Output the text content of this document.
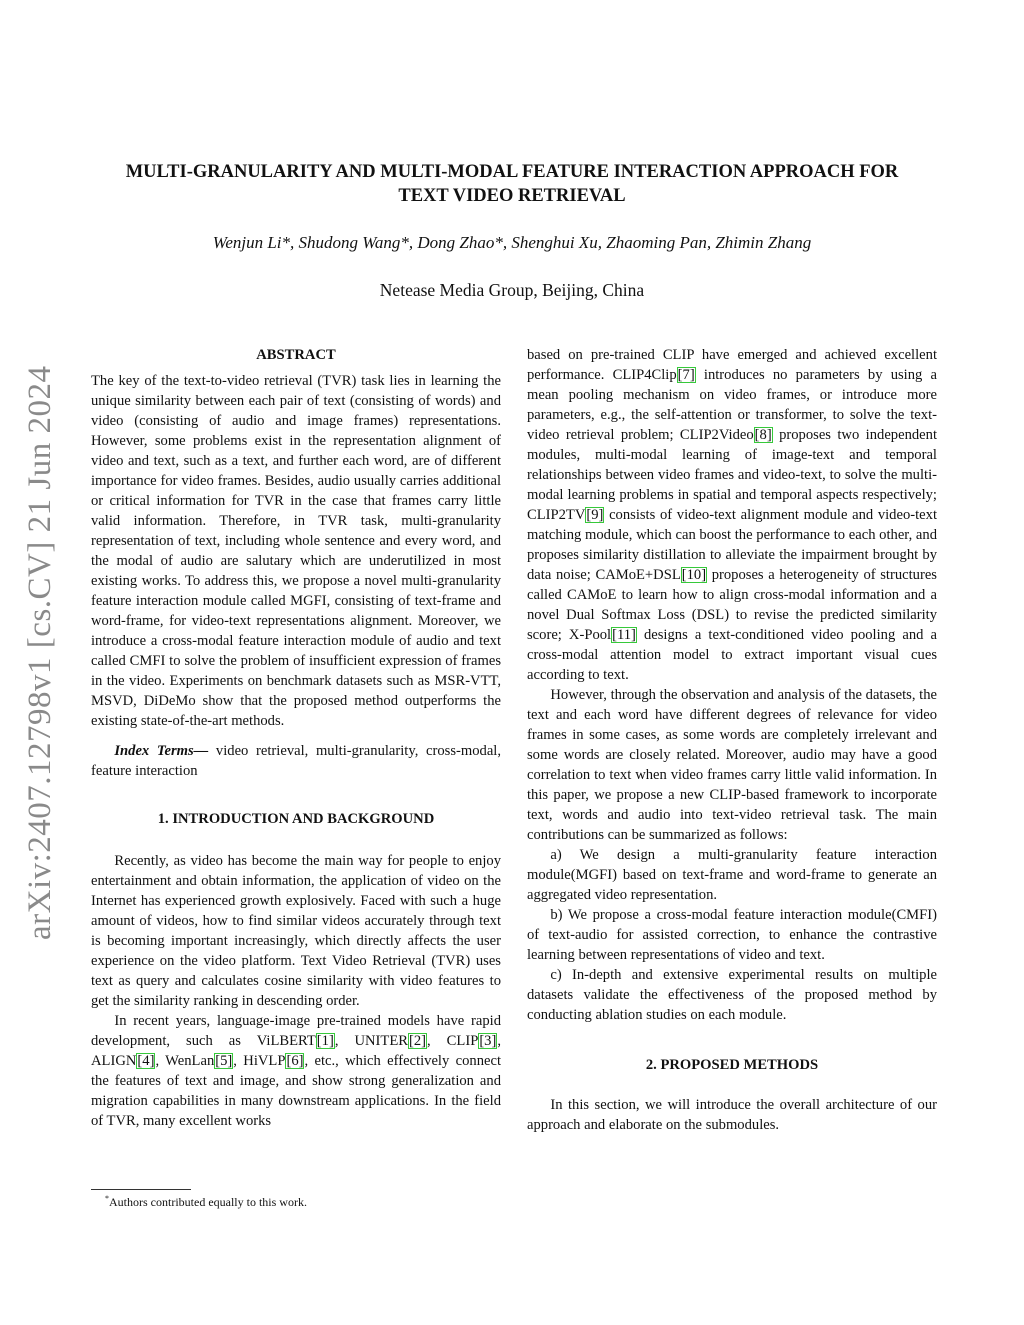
arXiv:2407.12798v1 [cs.CV] 21 Jun 2024
MULTI-GRANULARITY AND MULTI-MODAL FEATURE INTERACTION APPROACH FOR
TEXT VIDEO RETRIEVAL
Wenjun Li*, Shudong Wang*, Dong Zhao*, Shenghui Xu, Zhaoming Pan, Zhimin Zhang
Netease Media Group, Beijing, China
ABSTRACT

The key of the text-to-video retrieval (TVR) task lies in learning the unique similarity between each pair of text (consisting of words) and video (consisting of audio and image frames) representations. However, some problems exist in the representation alignment of video and text, such as a text, and further each word, are of different importance for video frames. Besides, audio usually carries additional or critical information for TVR in the case that frames carry little valid information. Therefore, in TVR task, multi-granularity representation of text, including whole sentence and every word, and the modal of audio are salutary which are underutilized in most existing works. To address this, we propose a novel multi-granularity feature interaction module called MGFI, consisting of text-frame and word-frame, for video-text representations alignment. Moreover, we introduce a cross-modal feature interaction module of audio and text called CMFI to solve the problem of insufficient expression of frames in the video. Experiments on benchmark datasets such as MSR-VTT, MSVD, DiDeMo show that the proposed method outperforms the existing state-of-the-art methods.

Index Terms— video retrieval, multi-granularity, cross-modal, feature interaction

1. INTRODUCTION AND BACKGROUND

Recently, as video has become the main way for people to enjoy entertainment and obtain information, the application of video on the Internet has experienced growth explosively. Faced with such a huge amount of videos, how to find similar videos accurately through text is becoming important increasingly, which directly affects the user experience on the video platform. Text Video Retrieval (TVR) uses text as query and calculates cosine similarity with video features to get the similarity ranking in descending order.

In recent years, language-image pre-trained models have rapid development, such as ViLBERT[1], UNITER[2], CLIP[3], ALIGN[4], WenLan[5], HiVLP[6], etc., which effectively connect the features of text and image, and show strong generalization and migration capabilities in many downstream applications. In the field of TVR, many excellent works

*Authors contributed equally to this work.

based on pre-trained CLIP have emerged and achieved excellent performance. CLIP4Clip[7] introduces no parameters by using a mean pooling mechanism on video frames, or introduce more parameters, e.g., the self-attention or transformer, to solve the text-video retrieval problem; CLIP2Video[8] proposes two independent modules, multi-modal learning of image-text and temporal relationships between video frames and video-text, to solve the multi-modal learning problems in spatial and temporal aspects respectively; CLIP2TV[9] consists of video-text alignment module and video-text matching module, which can boost the performance to each other, and proposes similarity distillation to alleviate the impairment brought by data noise; CAMoE+DSL[10] proposes a heterogeneity of structures called CAMoE to learn how to align cross-modal information and a novel Dual Softmax Loss (DSL) to revise the predicted similarity score; X-Pool[11] designs a text-conditioned video pooling and a cross-modal attention model to extract important visual cues according to text.

However, through the observation and analysis of the datasets, the text and each word have different degrees of relevance for video frames in some cases, as some words are completely irrelevant and some words are closely related. Moreover, audio may have a good correlation to text when video frames carry little valid information. In this paper, we propose a new CLIP-based framework to incorporate text, words and audio into text-video retrieval task. The main contributions can be summarized as follows:

a) We design a multi-granularity feature interaction module(MGFI) based on text-frame and word-frame to generate an aggregated video representation.

b) We propose a cross-modal feature interaction module(CMFI) of text-audio for assisted correction, to enhance the contrastive learning between representations of video and text.

c) In-depth and extensive experimental results on multiple datasets validate the effectiveness of the proposed method by conducting ablation studies on each module.

2. PROPOSED METHODS

In this section, we will introduce the overall architecture of our approach and elaborate on the submodules.
